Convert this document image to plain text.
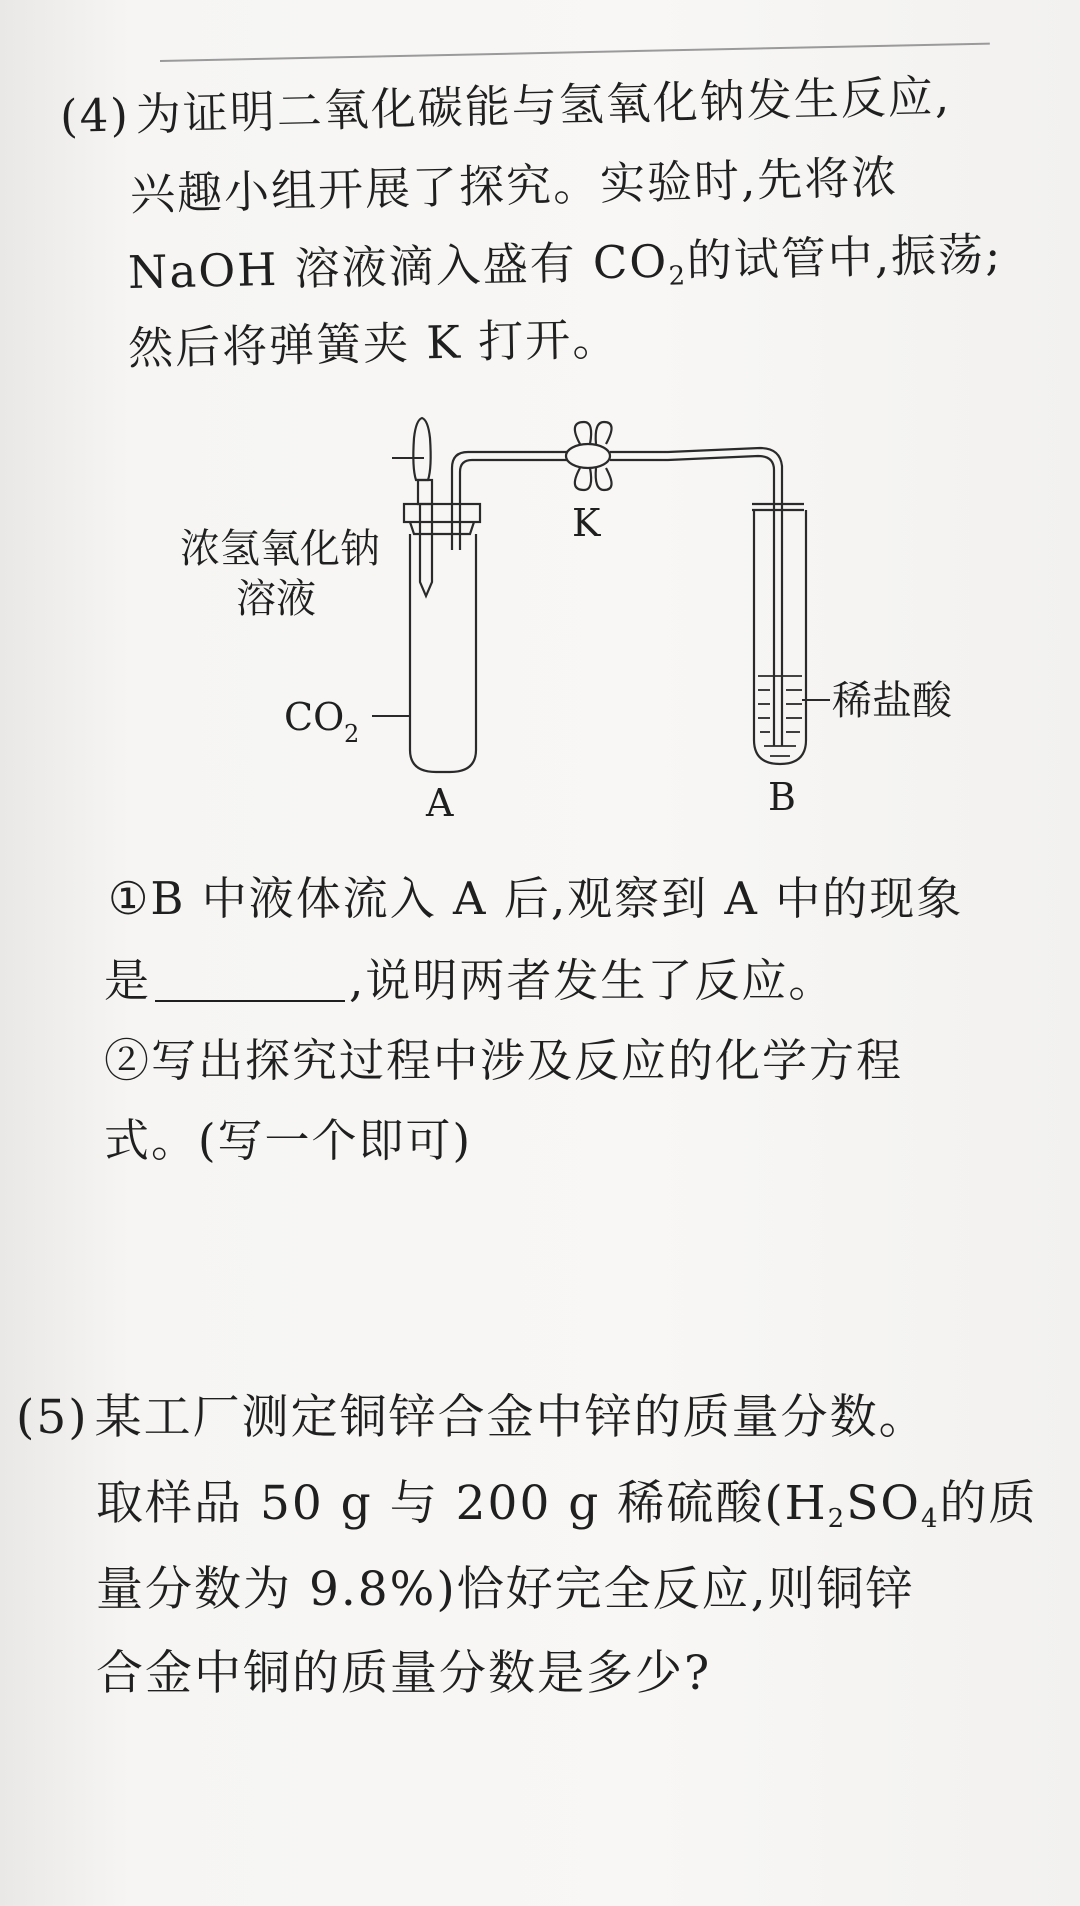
(4) 为证明二氧化碳能与氢氧化钠发生反应,
兴趣小组开展了探究。实验时,先将浓
NaOH 溶液滴入盛有 $CO_2$的试管中,振荡;
然后将弹簧夹 K 打开。
K
浓氢氧化钠
溶液
CO 2
A	B
稀盐酸
①B 中液体流入 A 后,观察到 A 中的现象
是	,说明两者发生了反应。
②写出探究过程中涉及反应的化学方程
式。(写一个即可)
(5) 某工厂测定铜锌合金中锌的质量分数。
取样品 50 g 与 200 g 稀硫酸($H_2SO_4$的质
量分数为 9.8%)恰好完全反应,则铜锌
合金中铜的质量分数是多少?
